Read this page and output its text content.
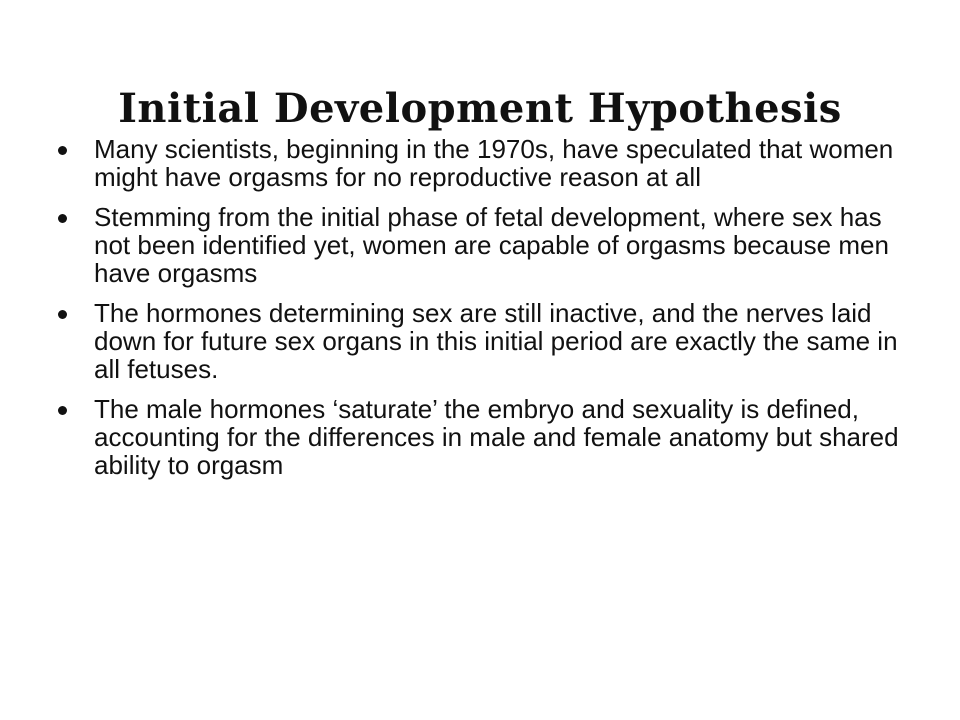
Initial Development Hypothesis
Many scientists, beginning in the 1970s, have speculated that women might have orgasms for no reproductive reason at all
Stemming from the initial phase of fetal development, where sex has not been identified yet, women are capable of orgasms because men have orgasms
The hormones determining sex are still inactive, and the nerves laid down for future sex organs in this initial period are exactly the same in all fetuses.
The male hormones ‘saturate’ the embryo and sexuality is defined, accounting for the differences in male and female anatomy but shared ability to orgasm
